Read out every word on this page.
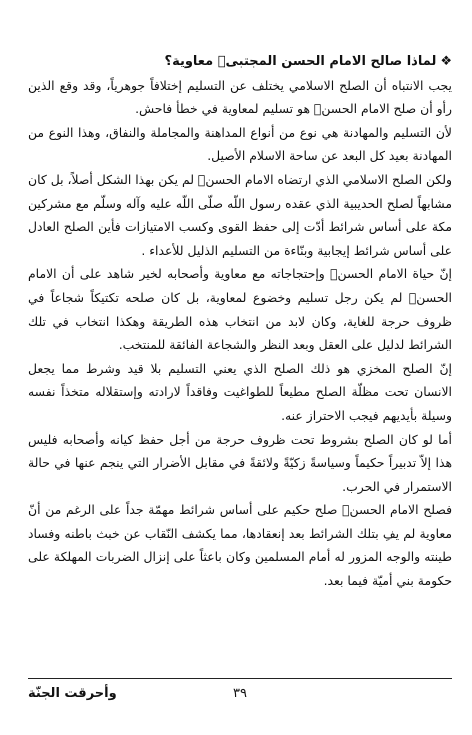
❖لماذا صالح الامام الحسن المجتبىؑ معاوية؟

يجب الانتباه أن الصلح الاسلامي يختلف عن التسليم إختلافاً جوهرياً، وقد وقع الذين رأو أن صلح الامام الحسنؑ هو تسليم لمعاوية في خطأ فاحش.

لأن التسليم والمهادنة هي نوع من أنواع المداهنة والمجاملة والنفاق، وهذا النوع من المهادنة بعيد كل البعد عن ساحة الاسلام الأصيل.

ولكن الصلح الاسلامي الذي ارتضاه الامام الحسنؑ لم يكن بهذا الشكل أصلاً، بل كان مشابهاً لصلح الحديبية الذي عقده رسول اللّه صلّى اللّه عليه وآله وسلّم مع مشركين مكة على أساس شرائط أدّت إلى حفظ القوى وكسب الامتيازات فأين الصلح العادل على أساس شرائط إيجابية وبنّاءة من التسليم الذليل للأعداء .

إنّ حياة الامام الحسنؑ وإحتجاجاته مع معاوية وأصحابه لخير شاهد على أن الامام الحسنؑ لم يكن رجل تسليم وخضوع لمعاوية، بل كان صلحه تكتيكاً شجاعاً في ظروف حرجة للغاية، وكان لابد من انتخاب هذه الطريقة وهكذا انتخاب في تلك الشرائط لدليل على العقل وبعد النظر والشجاعة الفائقة للمنتخب.

إنّ الصلح المخزي هو ذلك الصلح الذي يعني التسليم بلا قيد وشرط مما يجعل الانسان تحت مظلّة الصلح مطيعاً للطواغيت وفاقداً لارادته وإستقلاله متخذاً نفسه وسيلة بأيديهم فيجب الاحتراز عنه.

أما لو كان الصلح بشروط تحت ظروف حرجة من أجل حفظ كيانه وأصحابه فليس هذا إلاّ تدبيراً حكيماً وسياسةً زكيّةً ولائقةً في مقابل الأضرار التي ينجم عنها في حالة الاستمرار في الحرب.

فصلح الامام الحسنؑ صلح حكيم على أساس شرائط مهمّة جداً على الرغم من أنّ معاوية لم يفِ بتلك الشرائط بعد إنعقادها، مما يكشف النّقاب عن خبث باطنه وفساد طينته والوجه المزور له أمام المسلمين وكان باعثاً على إنزال الضربات المهلكة على حكومة بني أميّة فيما بعد.

٣٩
وأحرقت الجنّة
